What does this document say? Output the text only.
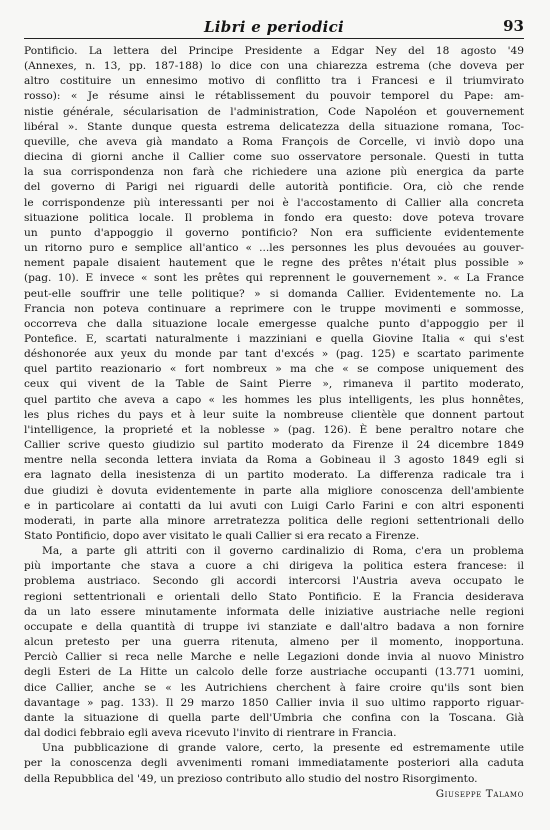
Libri e periodici	93

Pontificio. La lettera del Principe Presidente a Edgar Ney del 18 agosto '49

(Annexes, n. 13, pp. 187-188) lo dice con una chiarezza estrema (che doveva per

altro costituire un ennesimo motivo di conflitto tra i Francesi e il triumvirato

rosso): « Je résume ainsi le rétablissement du pouvoir temporel du Pape: am-

nistie générale, sécularisation de l'administration, Code Napoléon et gouvernement

libéral ». Stante dunque questa estrema delicatezza della situazione romana, Toc-

queville, che aveva già mandato a Roma François de Corcelle, vi inviò dopo una

diecina di giorni anche il Callier come suo osservatore personale. Questi in tutta

la sua corrispondenza non farà che richiedere una azione più energica da parte

del governo di Parigi nei riguardi delle autorità pontificie. Ora, ciò che rende

le corrispondenze più interessanti per noi è l'accostamento di Callier alla concreta

situazione politica locale. Il problema in fondo era questo: dove poteva trovare

un punto d'appoggio il governo pontificio? Non era sufficiente evidentemente

un ritorno puro e semplice all'antico « ...les personnes les plus devouées au gouver-

nement papale disaient hautement que le regne des prêtes n'était plus possible »

(pag. 10). E invece « sont les prêtes qui reprennent le gouvernement ». « La France

peut-elle souffrir une telle politique? » si domanda Callier. Evidentemente no. La

Francia non poteva continuare a reprimere con le truppe movimenti e sommosse,

occorreva che dalla situazione locale emergesse qualche punto d'appoggio per il

Pontefice. E, scartati naturalmente i mazziniani e quella Giovine Italia « qui s'est

déshonorée aux yeux du monde par tant d'excés » (pag. 125) e scartato parimente

quel partito reazionario « fort nombreux » ma che « se compose uniquement des

ceux qui vivent de la Table de Saint Pierre », rimaneva il partito moderato,

quel partito che aveva a capo « les hommes les plus intelligents, les plus honnêtes,

les plus riches du pays et à leur suite la nombreuse clientèle que donnent partout

l'intelligence, la proprieté et la noblesse » (pag. 126). È bene peraltro notare che

Callier scrive questo giudizio sul partito moderato da Firenze il 24 dicembre 1849

mentre nella seconda lettera inviata da Roma a Gobineau il 3 agosto 1849 egli si

era lagnato della inesistenza di un partito moderato. La differenza radicale tra i

due giudizi è dovuta evidentemente in parte alla migliore conoscenza dell'ambiente

e in particolare ai contatti da lui avuti con Luigi Carlo Farini e con altri esponenti

moderati, in parte alla minore arretratezza politica delle regioni settentrionali dello

Stato Pontificio, dopo aver visitato le quali Callier si era recato a Firenze.

Ma, a parte gli attriti con il governo cardinalizio di Roma, c'era un problema

più importante che stava a cuore a chi dirigeva la politica estera francese: il

problema austriaco. Secondo gli accordi intercorsi l'Austria aveva occupato le

regioni settentrionali e orientali dello Stato Pontificio. E la Francia desiderava

da un lato essere minutamente informata delle iniziative austriache nelle regioni

occupate e della quantità di truppe ivi stanziate e dall'altro badava a non fornire

alcun pretesto per una guerra ritenuta, almeno per il momento, inopportuna.

Perciò Callier si reca nelle Marche e nelle Legazioni donde invia al nuovo Ministro

degli Esteri de La Hitte un calcolo delle forze austriache occupanti (13.771 uomini,

dice Callier, anche se « les Autrichiens cherchent à faire croire qu'ils sont bien

davantage » pag. 133). Il 29 marzo 1850 Callier invia il suo ultimo rapporto riguar-

dante la situazione di quella parte dell'Umbria che confina con la Toscana. Già

dal dodici febbraio egli aveva ricevuto l'invito di rientrare in Francia.

Una pubblicazione di grande valore, certo, la presente ed estremamente utile

per la conoscenza degli avvenimenti romani immediatamente posteriori alla caduta

della Repubblica del '49, un prezioso contributo allo studio del nostro Risorgimento.

Giuseppe Talamo
